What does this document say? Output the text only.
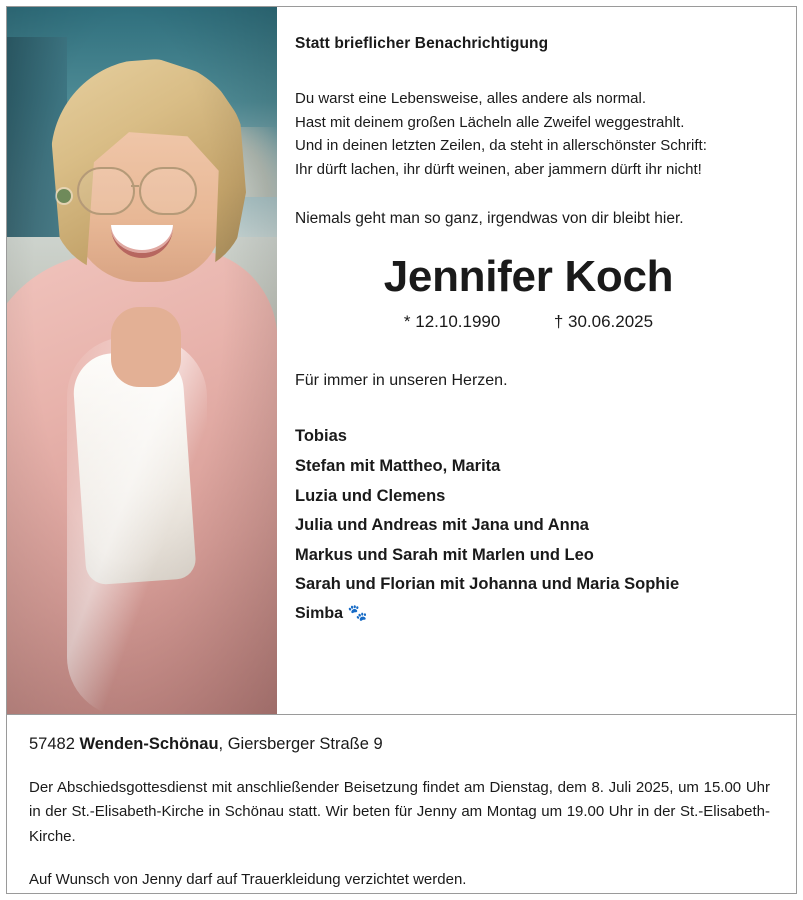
Statt brieflicher Benachrichtigung

Du warst eine Lebensweise, alles andere als normal.
Hast mit deinem großen Lächeln alle Zweifel weggestrahlt.
Und in deinen letzten Zeilen, da steht in allerschönster Schrift:
Ihr dürft lachen, ihr dürft weinen, aber jammern dürft ihr nicht!

Niemals geht man so ganz, irgendwas von dir bleibt hier.

Jennifer Koch

* 12.10.1990	† 30.06.2025

Für immer in unseren Herzen.

Tobias
Stefan mit Mattheo, Marita
Luzia und Clemens
Julia und Andreas mit Jana und Anna
Markus und Sarah mit Marlen und Leo
Sarah und Florian mit Johanna und Maria Sophie
Simba 🐾

57482 Wenden-Schönau, Giersberger Straße 9

Der Abschiedsgottesdienst mit anschließender Beisetzung findet am Dienstag, dem 8. Juli 2025, um 15.00 Uhr in der St.-Elisabeth-Kirche in Schönau statt. Wir beten für Jenny am Montag um 19.00 Uhr in der St.-Elisabeth-Kirche.

Auf Wunsch von Jenny darf auf Trauerkleidung verzichtet werden.
